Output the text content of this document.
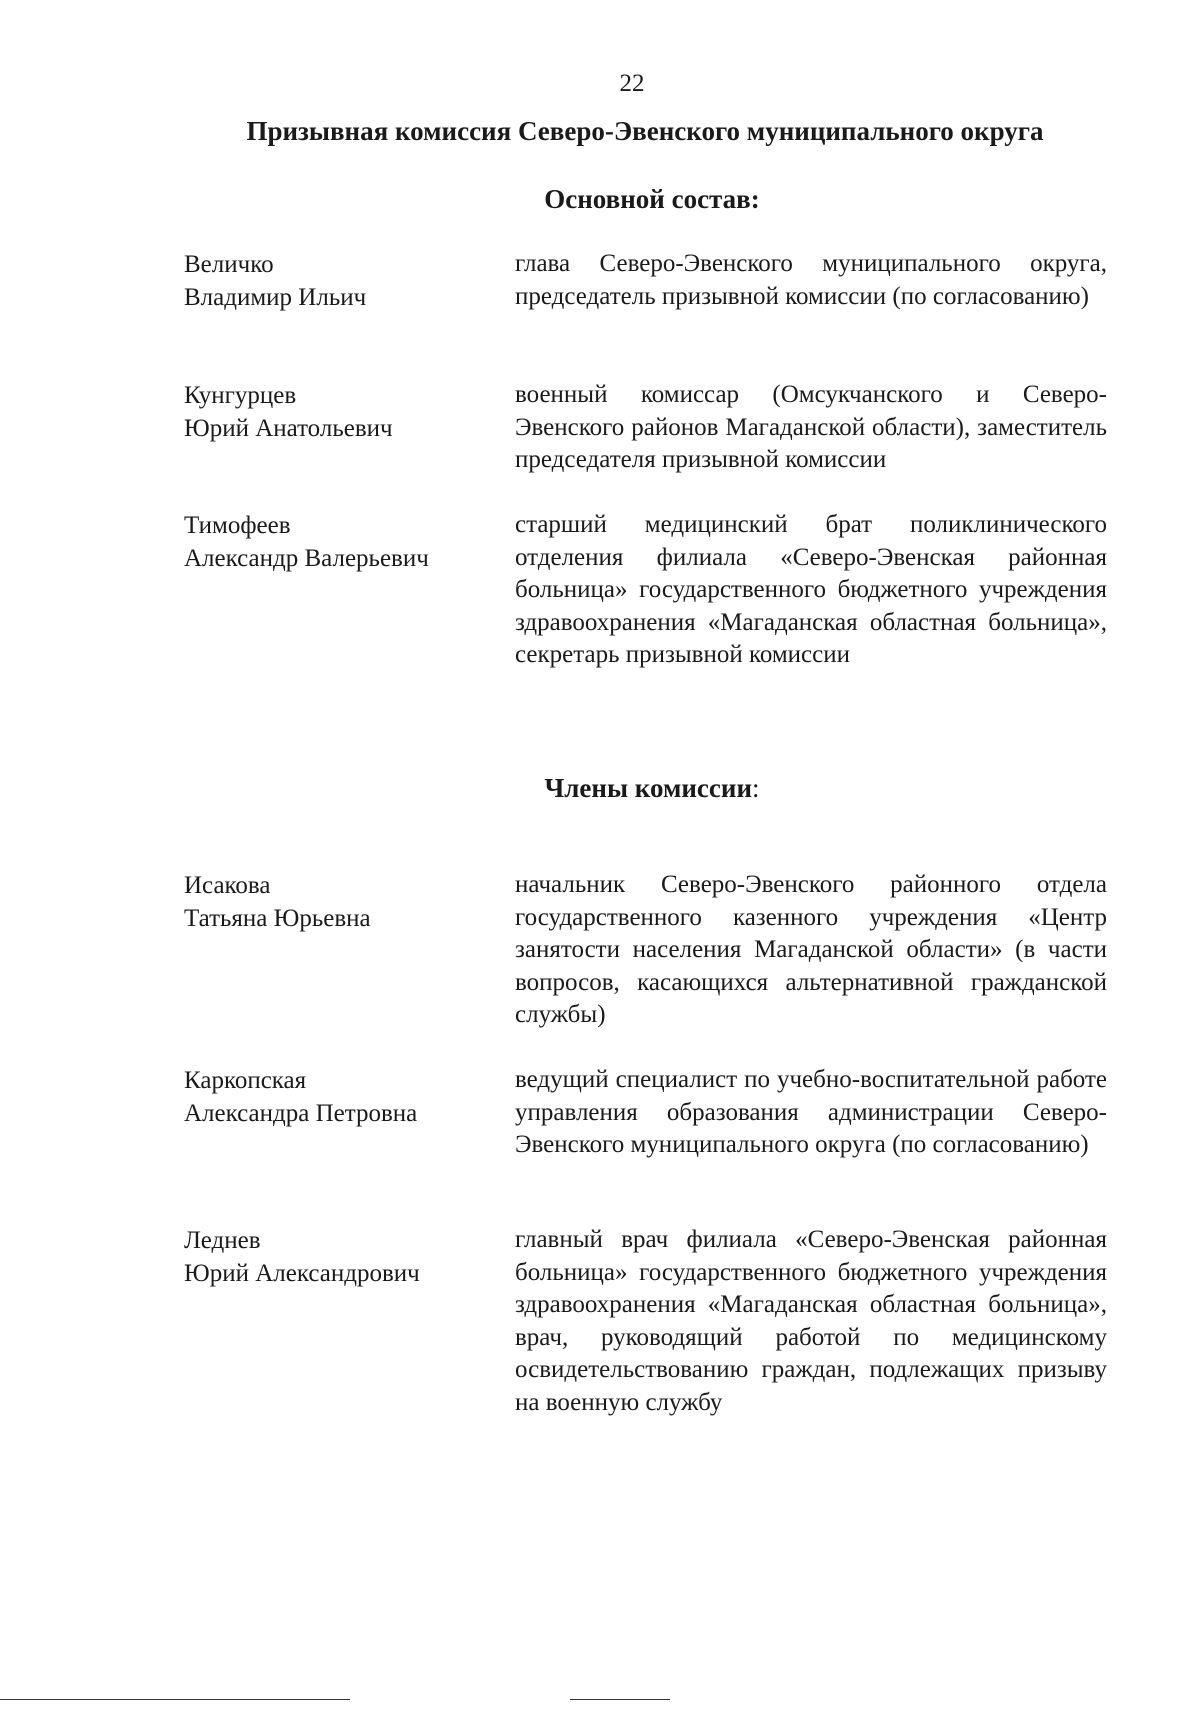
22
Призывная комиссия Северо-Эвенского муниципального округа
Основной состав:
Величко
Владимир Ильич
глава Северо-Эвенского муниципального округа, председатель призывной комиссии (по согласованию)
Кунгурцев
Юрий Анатольевич
военный комиссар (Омсукчанского и Северо-Эвенского районов Магаданской области), заместитель председателя призывной комиссии
Тимофеев
Александр Валерьевич
старший медицинский брат поликлинического отделения филиала «Северо-Эвенская районная больница» государственного бюджетного учреждения здравоохранения «Магаданская областная больница», секретарь призывной комиссии
Члены комиссии:
Исакова
Татьяна Юрьевна
начальник Северо-Эвенского районного отдела государственного казенного учреждения «Центр занятости населения Магаданской области» (в части вопросов, касающихся альтернативной гражданской службы)
Каркопская
Александра Петровна
ведущий специалист по учебно-воспитательной работе управления образования администрации Северо-Эвенского муниципального округа (по согласованию)
Леднев
Юрий Александрович
главный врач филиала «Северо-Эвенская районная больница» государственного бюджетного учреждения здравоохранения «Магаданская областная больница», врач, руководящий работой по медицинскому освидетельствованию граждан, подлежащих призыву на военную службу
